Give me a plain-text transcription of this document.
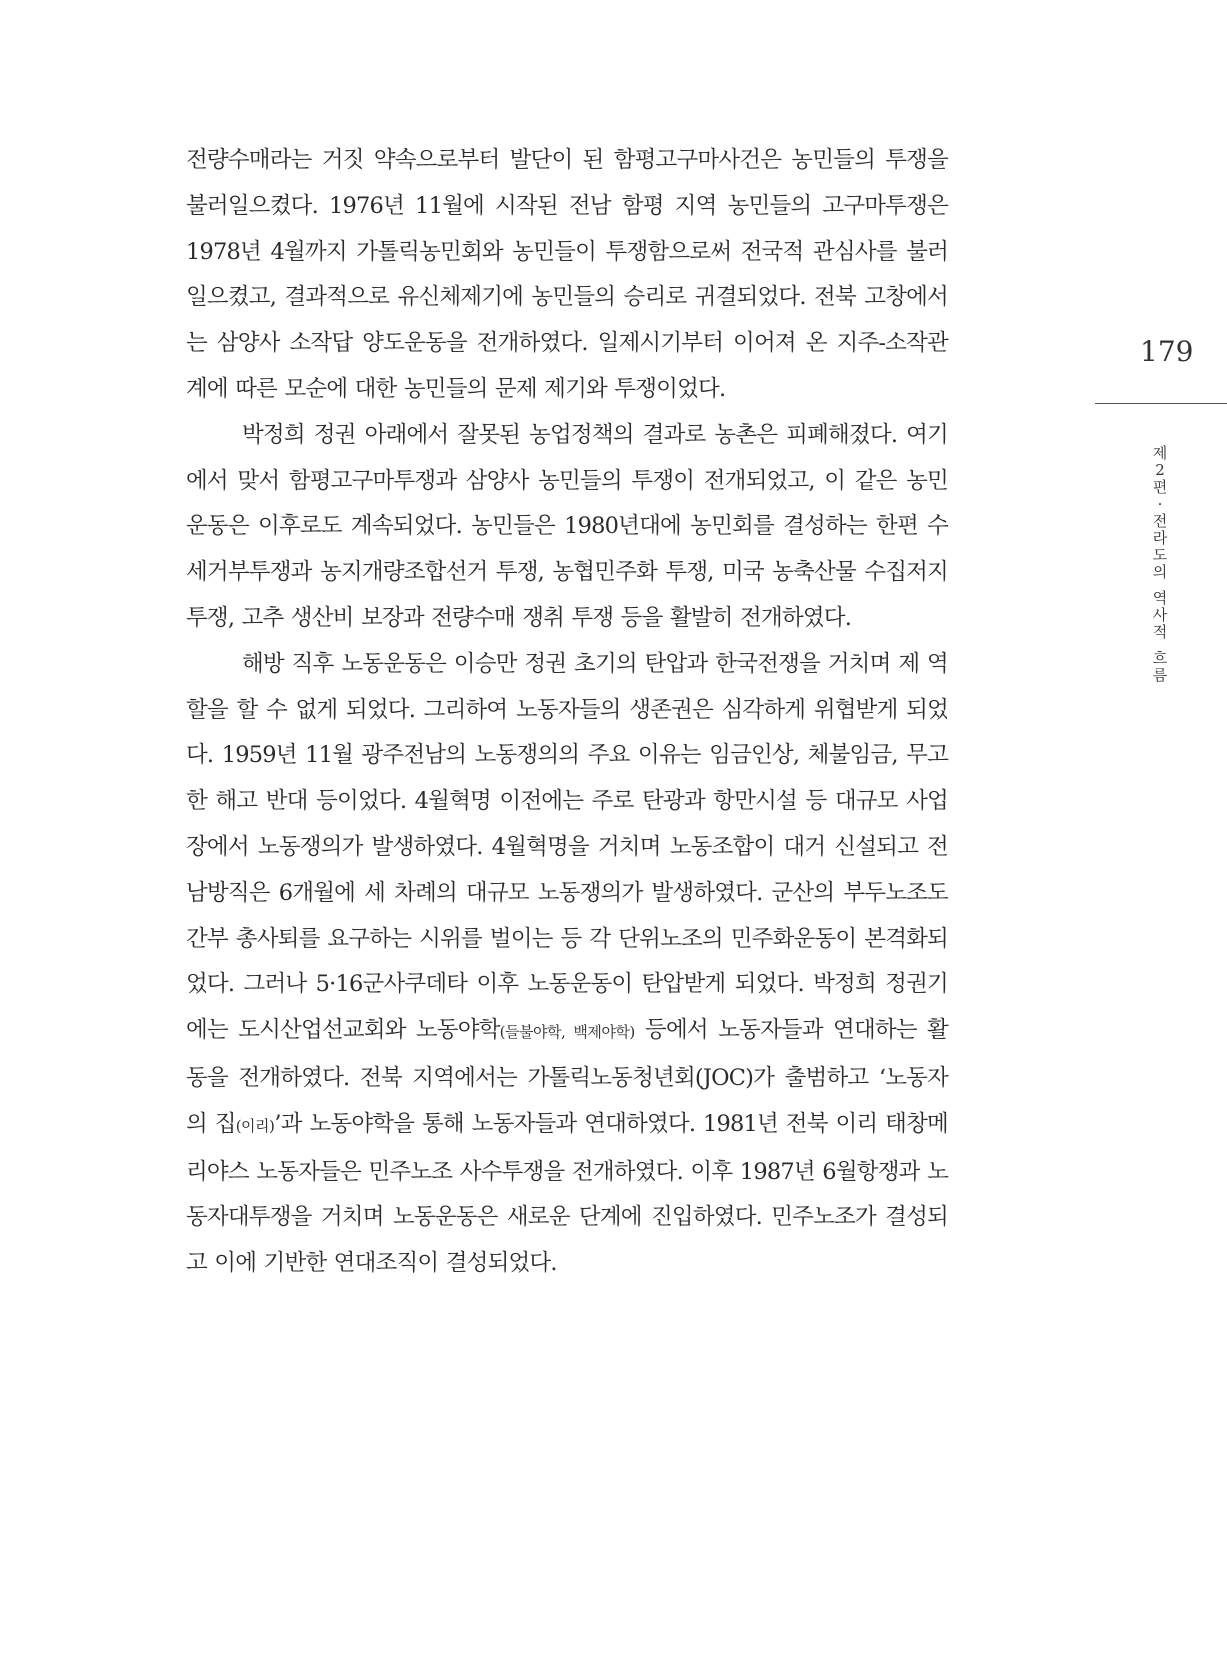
전량수매라는 거짓 약속으로부터 발단이 된 함평고구마사건은 농민들의 투쟁을 불러일으켰다. 1976년 11월에 시작된 전남 함평 지역 농민들의 고구마투쟁은 1978년 4월까지 가톨릭농민회와 농민들이 투쟁함으로써 전국적 관심사를 불러일으켰고, 결과적으로 유신체제기에 농민들의 승리로 귀결되었다. 전북 고창에서는 삼양사 소작답 양도운동을 전개하였다. 일제시기부터 이어져 온 지주-소작관계에 따른 모순에 대한 농민들의 문제 제기와 투쟁이었다.

박정희 정권 아래에서 잘못된 농업정책의 결과로 농촌은 피폐해졌다. 여기에서 맞서 함평고구마투쟁과 삼양사 농민들의 투쟁이 전개되었고, 이 같은 농민운동은 이후로도 계속되었다. 농민들은 1980년대에 농민회를 결성하는 한편 수세거부투쟁과 농지개량조합선거 투쟁, 농협민주화 투쟁, 미국 농축산물 수집저지투쟁, 고추 생산비 보장과 전량수매 쟁취 투쟁 등을 활발히 전개하였다.

해방 직후 노동운동은 이승만 정권 초기의 탄압과 한국전쟁을 거치며 제 역할을 할 수 없게 되었다. 그리하여 노동자들의 생존권은 심각하게 위협받게 되었다. 1959년 11월 광주전남의 노동쟁의의 주요 이유는 임금인상, 체불임금, 무고한 해고 반대 등이었다. 4월혁명 이전에는 주로 탄광과 항만시설 등 대규모 사업장에서 노동쟁의가 발생하였다. 4월혁명을 거치며 노동조합이 대거 신설되고 전남방직은 6개월에 세 차례의 대규모 노동쟁의가 발생하였다. 군산의 부두노조도 간부 총사퇴를 요구하는 시위를 벌이는 등 각 단위노조의 민주화운동이 본격화되었다. 그러나 5·16군사쿠데타 이후 노동운동이 탄압받게 되었다. 박정희 정권기에는 도시산업선교회와 노동야학(들불야학, 백제야학) 등에서 노동자들과 연대하는 활동을 전개하였다. 전북 지역에서는 가톨릭노동청년회(JOC)가 출범하고 ‘노동자의 집(이리)’과 노동야학을 통해 노동자들과 연대하였다. 1981년 전북 이리 태창메리야스 노동자들은 민주노조 사수투쟁을 전개하였다. 이후 1987년 6월항쟁과 노동자대투쟁을 거치며 노동운동은 새로운 단계에 진입하였다. 민주노조가 결성되고 이에 기반한 연대조직이 결성되었다.

179
제
2
편
·
전
라
도
의
역
사
적
흐
름
